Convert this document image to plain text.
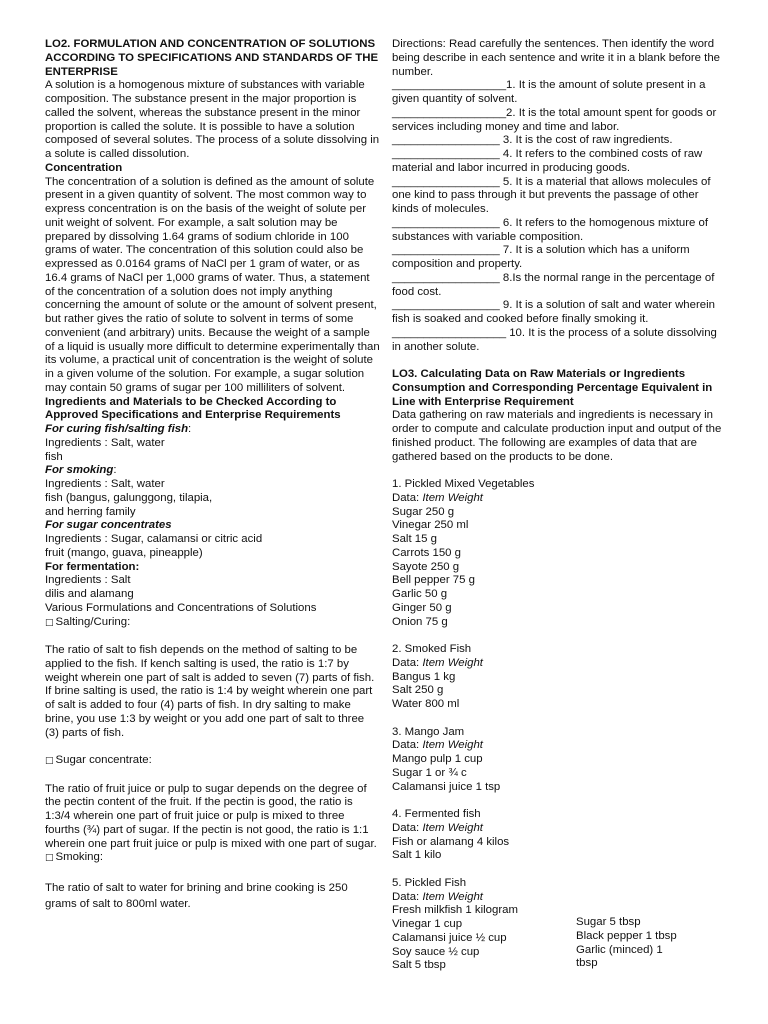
LO2. FORMULATION AND CONCENTRATION OF SOLUTIONS ACCORDING TO SPECIFICATIONS AND STANDARDS OF THE ENTERPRISE

A solution is a homogenous mixture of substances with variable composition. The substance present in the major proportion is called the solvent, whereas the substance present in the minor proportion is called the solute. It is possible to have a solution composed of several solutes. The process of a solute dissolving in a solute is called dissolution.

Concentration

The concentration of a solution is defined as the amount of solute present in a given quantity of solvent. The most common way to express concentration is on the basis of the weight of solute per unit weight of solvent. For example, a salt solution may be prepared by dissolving 1.64 grams of sodium chloride in 100 grams of water. The concentration of this solution could also be expressed as 0.0164 grams of NaCl per 1 gram of water, or as 16.4 grams of NaCl per 1,000 grams of water. Thus, a statement of the concentration of a solution does not imply anything concerning the amount of solute or the amount of solvent present, but rather gives the ratio of solute to solvent in terms of some convenient (and arbitrary) units. Because the weight of a sample of a liquid is usually more difficult to determine experimentally than its volume, a practical unit of concentration is the weight of solute in a given volume of the solution. For example, a sugar solution may contain 50 grams of sugar per 100 milliliters of solvent.

Ingredients and Materials to be Checked According to Approved Specifications and Enterprise Requirements

For curing fish/salting fish:

Ingredients : Salt, water

fish

For smoking:

Ingredients : Salt, water

fish (bangus, galunggong, tilapia,

and herring family

For sugar concentrates

Ingredients : Sugar, calamansi or citric acid

fruit (mango, guava, pineapple)

For fermentation:

Ingredients : Salt

dilis and alamang

Various Formulations and Concentrations of Solutions

□ Salting/Curing:

The ratio of salt to fish depends on the method of salting to be applied to the fish. If kench salting is used, the ratio is 1:7 by weight wherein one part of salt is added to seven (7) parts of fish. If brine salting is used, the ratio is 1:4 by weight wherein one part of salt is added to four (4) parts of fish. In dry salting to make brine, you use 1:3 by weight or you add one part of salt to three (3) parts of fish.

□ Sugar concentrate:

The ratio of fruit juice or pulp to sugar depends on the degree of the pectin content of the fruit. If the pectin is good, the ratio is 1:3/4 wherein one part of fruit juice or pulp is mixed to three fourths (¾) part of sugar. If the pectin is not good, the ratio is 1:1 wherein one part fruit juice or pulp is mixed with one part of sugar.

□ Smoking:

The ratio of salt to water for brining and brine cooking is 250 grams of salt to 800ml water.

Directions: Read carefully the sentences. Then identify the word being describe in each sentence and write it in a blank before the number.

__________________1. It is the amount of solute present in a given quantity of solvent.

__________________2. It is the total amount spent for goods or services including money and time and labor.

_________________ 3. It is the cost of raw ingredients.

_________________ 4. It refers to the combined costs of raw material and labor incurred in producing goods.

_________________ 5. It is a material that allows molecules of one kind to pass through it but prevents the passage of other kinds of molecules.

_________________ 6. It refers to the homogenous mixture of substances with variable composition.

_________________ 7. It is a solution which has a uniform composition and property.

_________________ 8.Is the normal range in the percentage of food cost.

_________________ 9. It is a solution of salt and water wherein fish is soaked and cooked before finally smoking it.

__________________ 10. It is the process of a solute dissolving in another solute.

LO3. Calculating Data on Raw Materials or Ingredients Consumption and Corresponding Percentage Equivalent in Line with Enterprise Requirement

Data gathering on raw materials and ingredients is necessary in order to compute and calculate production input and output of the finished product. The following are examples of data that are gathered based on the products to be done.

1. Pickled Mixed Vegetables

Data: Item Weight

Sugar 250 g

Vinegar 250 ml

Salt 15 g

Carrots 150 g

Sayote 250 g

Bell pepper 75 g

Garlic 50 g

Ginger 50 g

Onion 75 g

2. Smoked Fish

Data: Item Weight

Bangus 1 kg

Salt 250 g

Water 800 ml

3. Mango Jam

Data: Item Weight

Mango pulp 1 cup

Sugar 1 or ¾ c

Calamansi juice 1 tsp

4. Fermented fish

Data: Item Weight

Fish or alamang 4 kilos

Salt 1 kilo

5. Pickled Fish

Data: Item Weight

Fresh milkfish 1 kilogram

Vinegar 1 cup

Calamansi juice ½ cup

Soy sauce ½ cup

Salt 5 tbsp

Sugar 5 tbsp
Black pepper 1 tbsp
Garlic (minced) 1
tbsp
